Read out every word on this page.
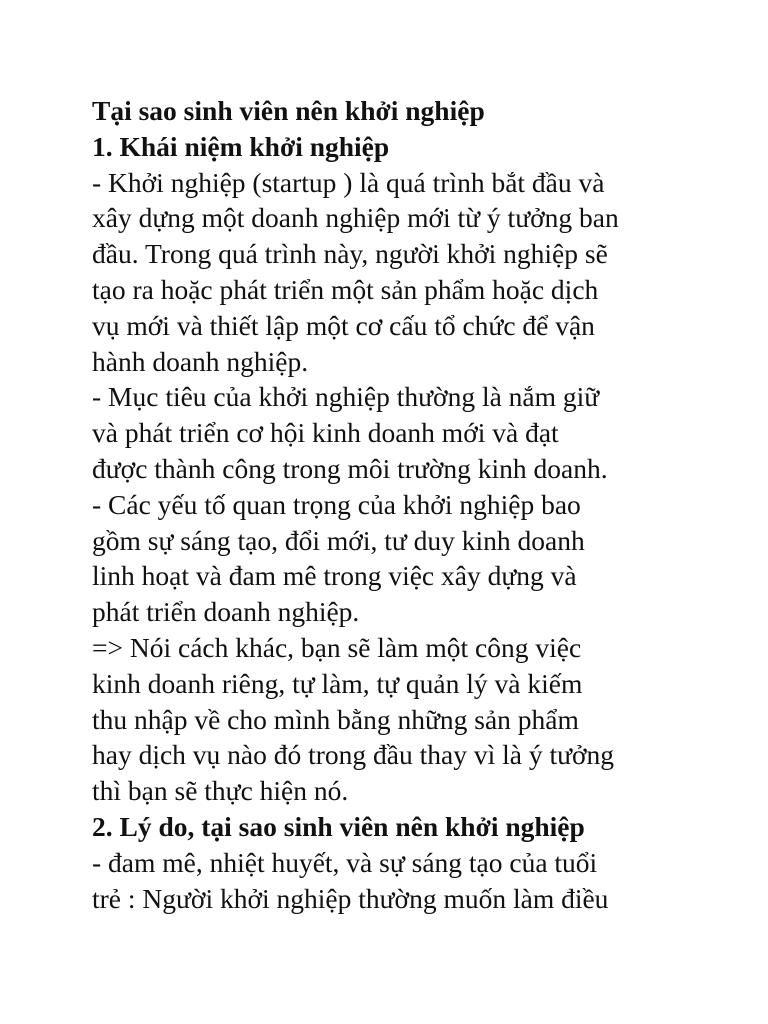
Tại sao sinh viên nên khởi nghiệp
1. Khái niệm khởi nghiệp
- Khởi nghiệp (startup ) là quá trình bắt đầu và
xây dựng một doanh nghiệp mới từ ý tưởng ban
đầu. Trong quá trình này, người khởi nghiệp sẽ
tạo ra hoặc phát triển một sản phẩm hoặc dịch
vụ mới và thiết lập một cơ cấu tổ chức để vận
hành doanh nghiệp.
- Mục tiêu của khởi nghiệp thường là nắm giữ
và phát triển cơ hội kinh doanh mới và đạt
được thành công trong môi trường kinh doanh.
- Các yếu tố quan trọng của khởi nghiệp bao
gồm sự sáng tạo, đổi mới, tư duy kinh doanh
linh hoạt và đam mê trong việc xây dựng và
phát triển doanh nghiệp.
=> Nói cách khác, bạn sẽ làm một công việc
kinh doanh riêng, tự làm, tự quản lý và kiếm
thu nhập về cho mình bằng những sản phẩm
hay dịch vụ nào đó trong đầu thay vì là ý tưởng
thì bạn sẽ thực hiện nó.
2. Lý do, tại sao sinh viên nên khởi nghiệp
- đam mê, nhiệt huyết, và sự sáng tạo của tuổi
trẻ : Người khởi nghiệp thường muốn làm điều
